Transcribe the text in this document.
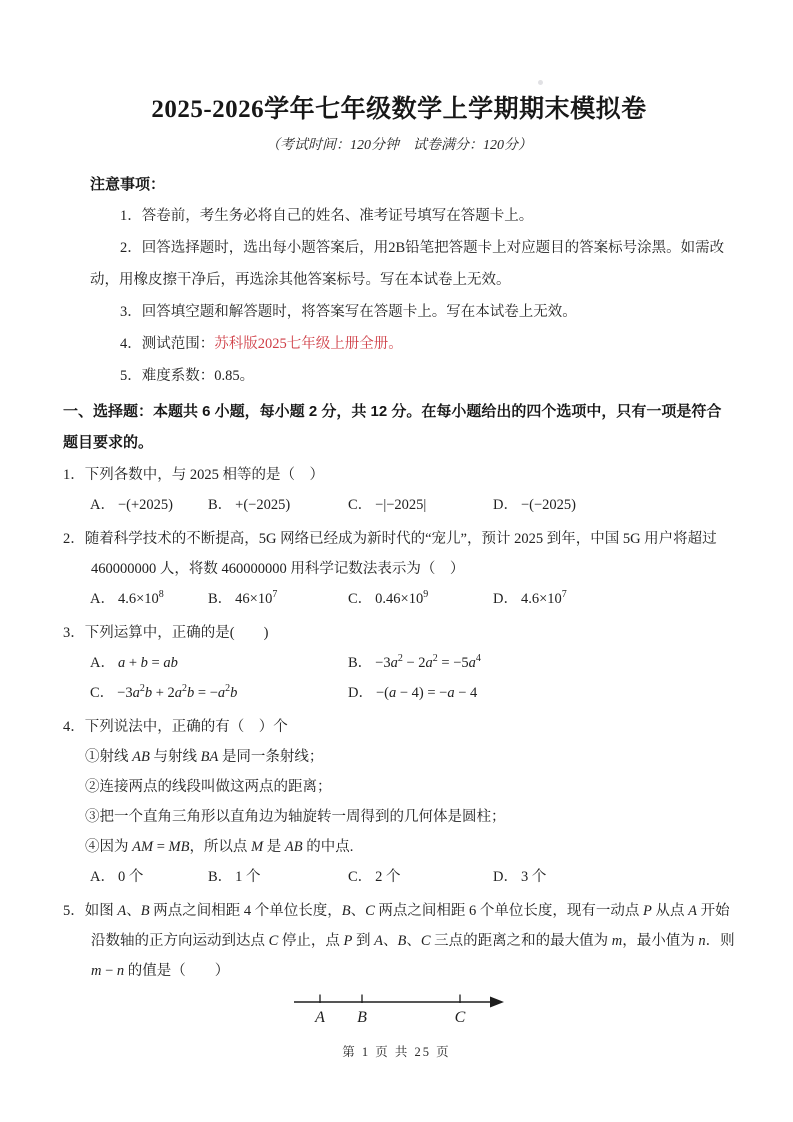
2025-2026学年七年级数学上学期期末模拟卷
（考试时间：120分钟　试卷满分：120分）
注意事项：

1．答卷前，考生务必将自己的姓名、准考证号填写在答题卡上。

2．回答选择题时，选出每小题答案后，用2B铅笔把答题卡上对应题目的答案标号涂黑。如需改动，用橡皮擦干净后，再选涂其他答案标号。写在本试卷上无效。

3．回答填空题和解答题时，将答案写在答题卡上。写在本试卷上无效。

4．测试范围：苏科版2025七年级上册全册。

5．难度系数：0.85。

一、选择题：本题共 6 小题，每小题 2 分，共 12 分。在每小题给出的四个选项中，只有一项是符合题目要求的。

1．下列各数中，与 2025 相等的是（　）

A． −(+2025)	B． +(−2025)	C． −|−2025|	D． −(−2025)

2．随着科学技术的不断提高，5G 网络已经成为新时代的“宠儿”，预计 2025 到年，中国 5G 用户将超过 460000000 人，将数 460000000 用科学记数法表示为（　）

A． $4.6\times 10^8$	B． $46\times 10^7$	C． $0.46\times 10^9$	D． $4.6\times 10^7$

3．下列运算中，正确的是(　　)

A． a + b = ab	B． $-3a^2 - 2a^2 = -5a^4$
C． $-3a^2b + 2a^2b = -a^2b$	D． −(a − 4) = −a − 4

4．下列说法中，正确的有（　）个

①射线 AB 与射线 BA 是同一条射线；

②连接两点的线段叫做这两点的距离；

③把一个直角三角形以直角边为轴旋转一周得到的几何体是圆柱；

④因为 AM = MB，所以点 M 是 AB 的中点.

A． 0 个	B． 1 个	C． 2 个	D． 3 个

5．如图 A、B 两点之间相距 4 个单位长度，B、C 两点之间相距 6 个单位长度，现有一动点 P 从点 A 开始沿数轴的正方向运动到达点 C 停止，点 P 到 A、B、C 三点的距离之和的最大值为 m，最小值为 n．则 m − n 的值是（　　）

A B	C
第 1 页 共 25 页
